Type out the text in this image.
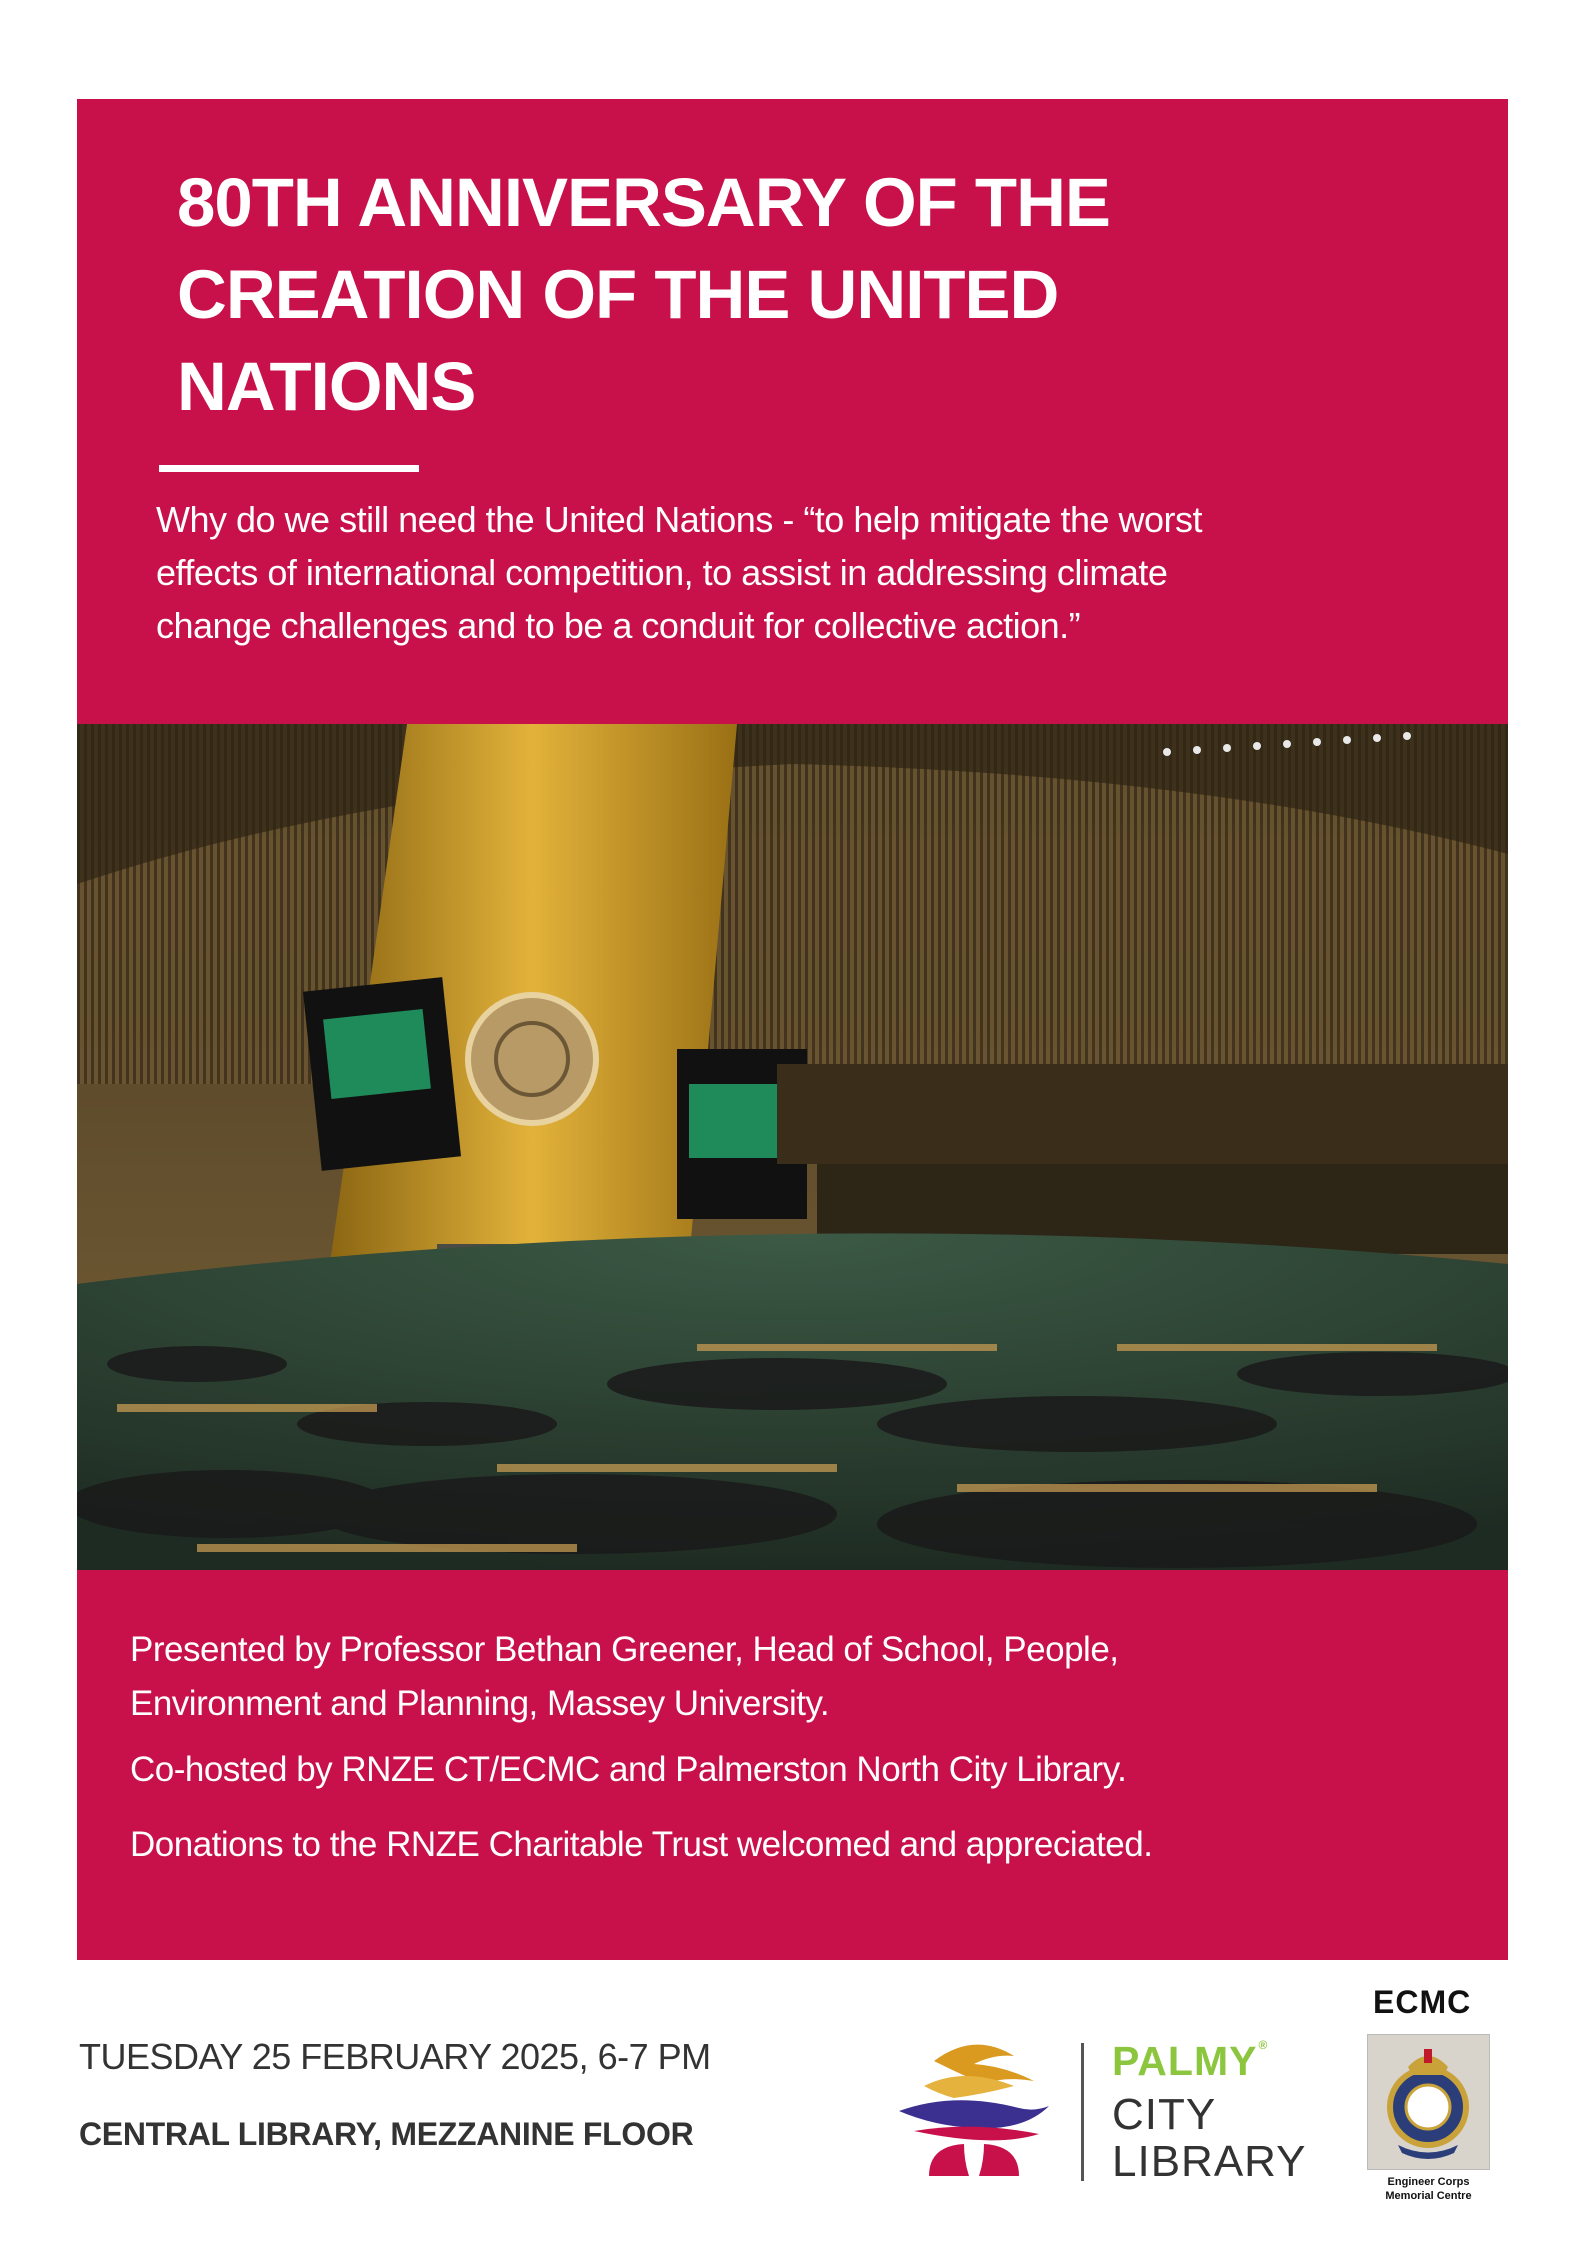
80TH ANNIVERSARY OF THE
CREATION OF THE UNITED
NATIONS

Why do we still need the United Nations - “to help mitigate the worst
effects of international competition, to assist in addressing climate
change challenges and to be a conduit for collective action.”

Presented by Professor Bethan Greener, Head of School, People,
Environment and Planning, Massey University.

Co-hosted by RNZE CT/ECMC and Palmerston North City Library.

Donations to the RNZE Charitable Trust welcomed and appreciated.

TUESDAY 25 FEBRUARY 2025, 6-7 PM

CENTRAL LIBRARY, MEZZANINE FLOOR

PALMY®

CITY

LIBRARY

ECMC

Engineer Corps
Memorial Centre
